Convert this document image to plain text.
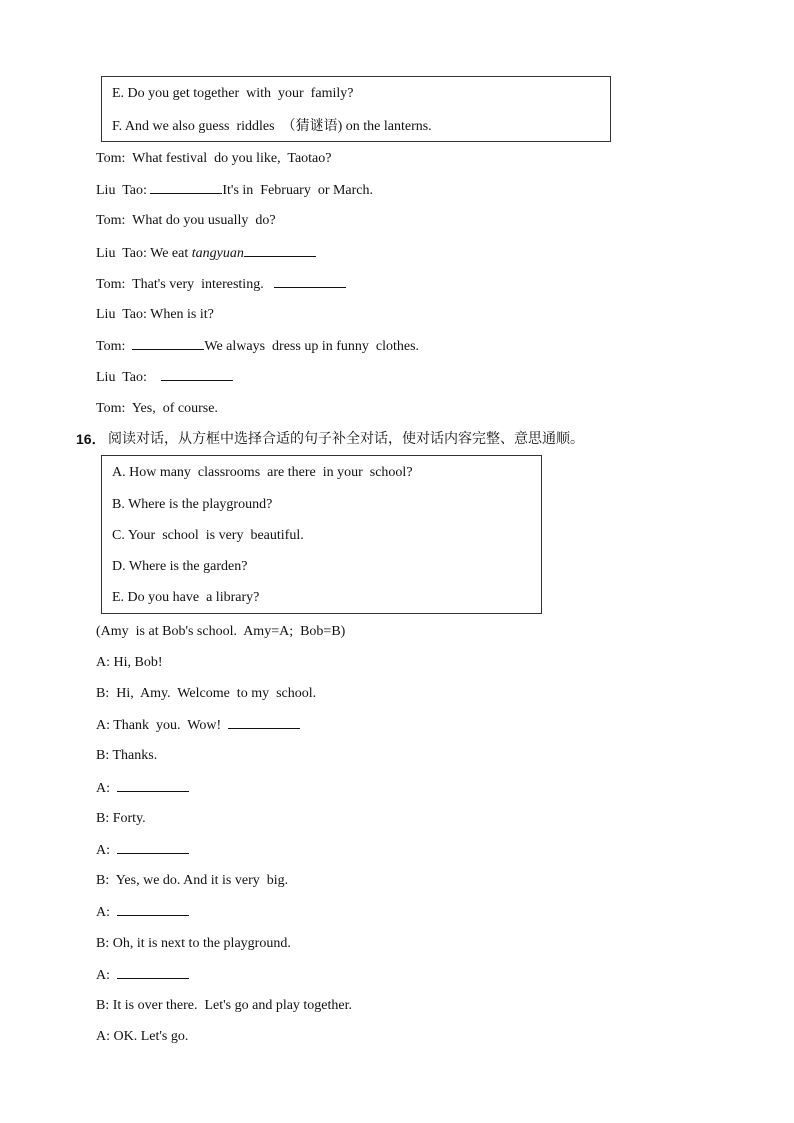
E. Do you get together  with  your  family?
F. And we also guess  riddles  （猜谜语) on the lanterns.
Tom:  What festival  do you like,  Taotao?
Liu  Tao:	It's in  February  or March.
Tom:  What do you usually  do?
Liu  Tao: We eat tangyuan
Tom:  That's very  interesting.
Liu  Tao: When is it?
Tom:	We always  dress up in funny  clothes.
Liu  Tao:
Tom:  Yes,  of course.
16． 阅读对话，从方框中选择合适的句子补全对话，使对话内容完整、意思通顺。
A. How many  classrooms  are there  in your  school?
B. Where is the playground?
C. Your  school  is very  beautiful.
D. Where is the garden?
E. Do you have  a library?
(Amy  is at Bob's school.  Amy=A;  Bob=B)
A: Hi, Bob!
B:  Hi,  Amy.  Welcome  to my  school.
A: Thank  you.  Wow!
B: Thanks.
A:
B: Forty.
A:
B:  Yes, we do. And it is very  big.
A:
B: Oh, it is next to the playground.
A:
B: It is over there.  Let's go and play together.
A: OK. Let's go.
